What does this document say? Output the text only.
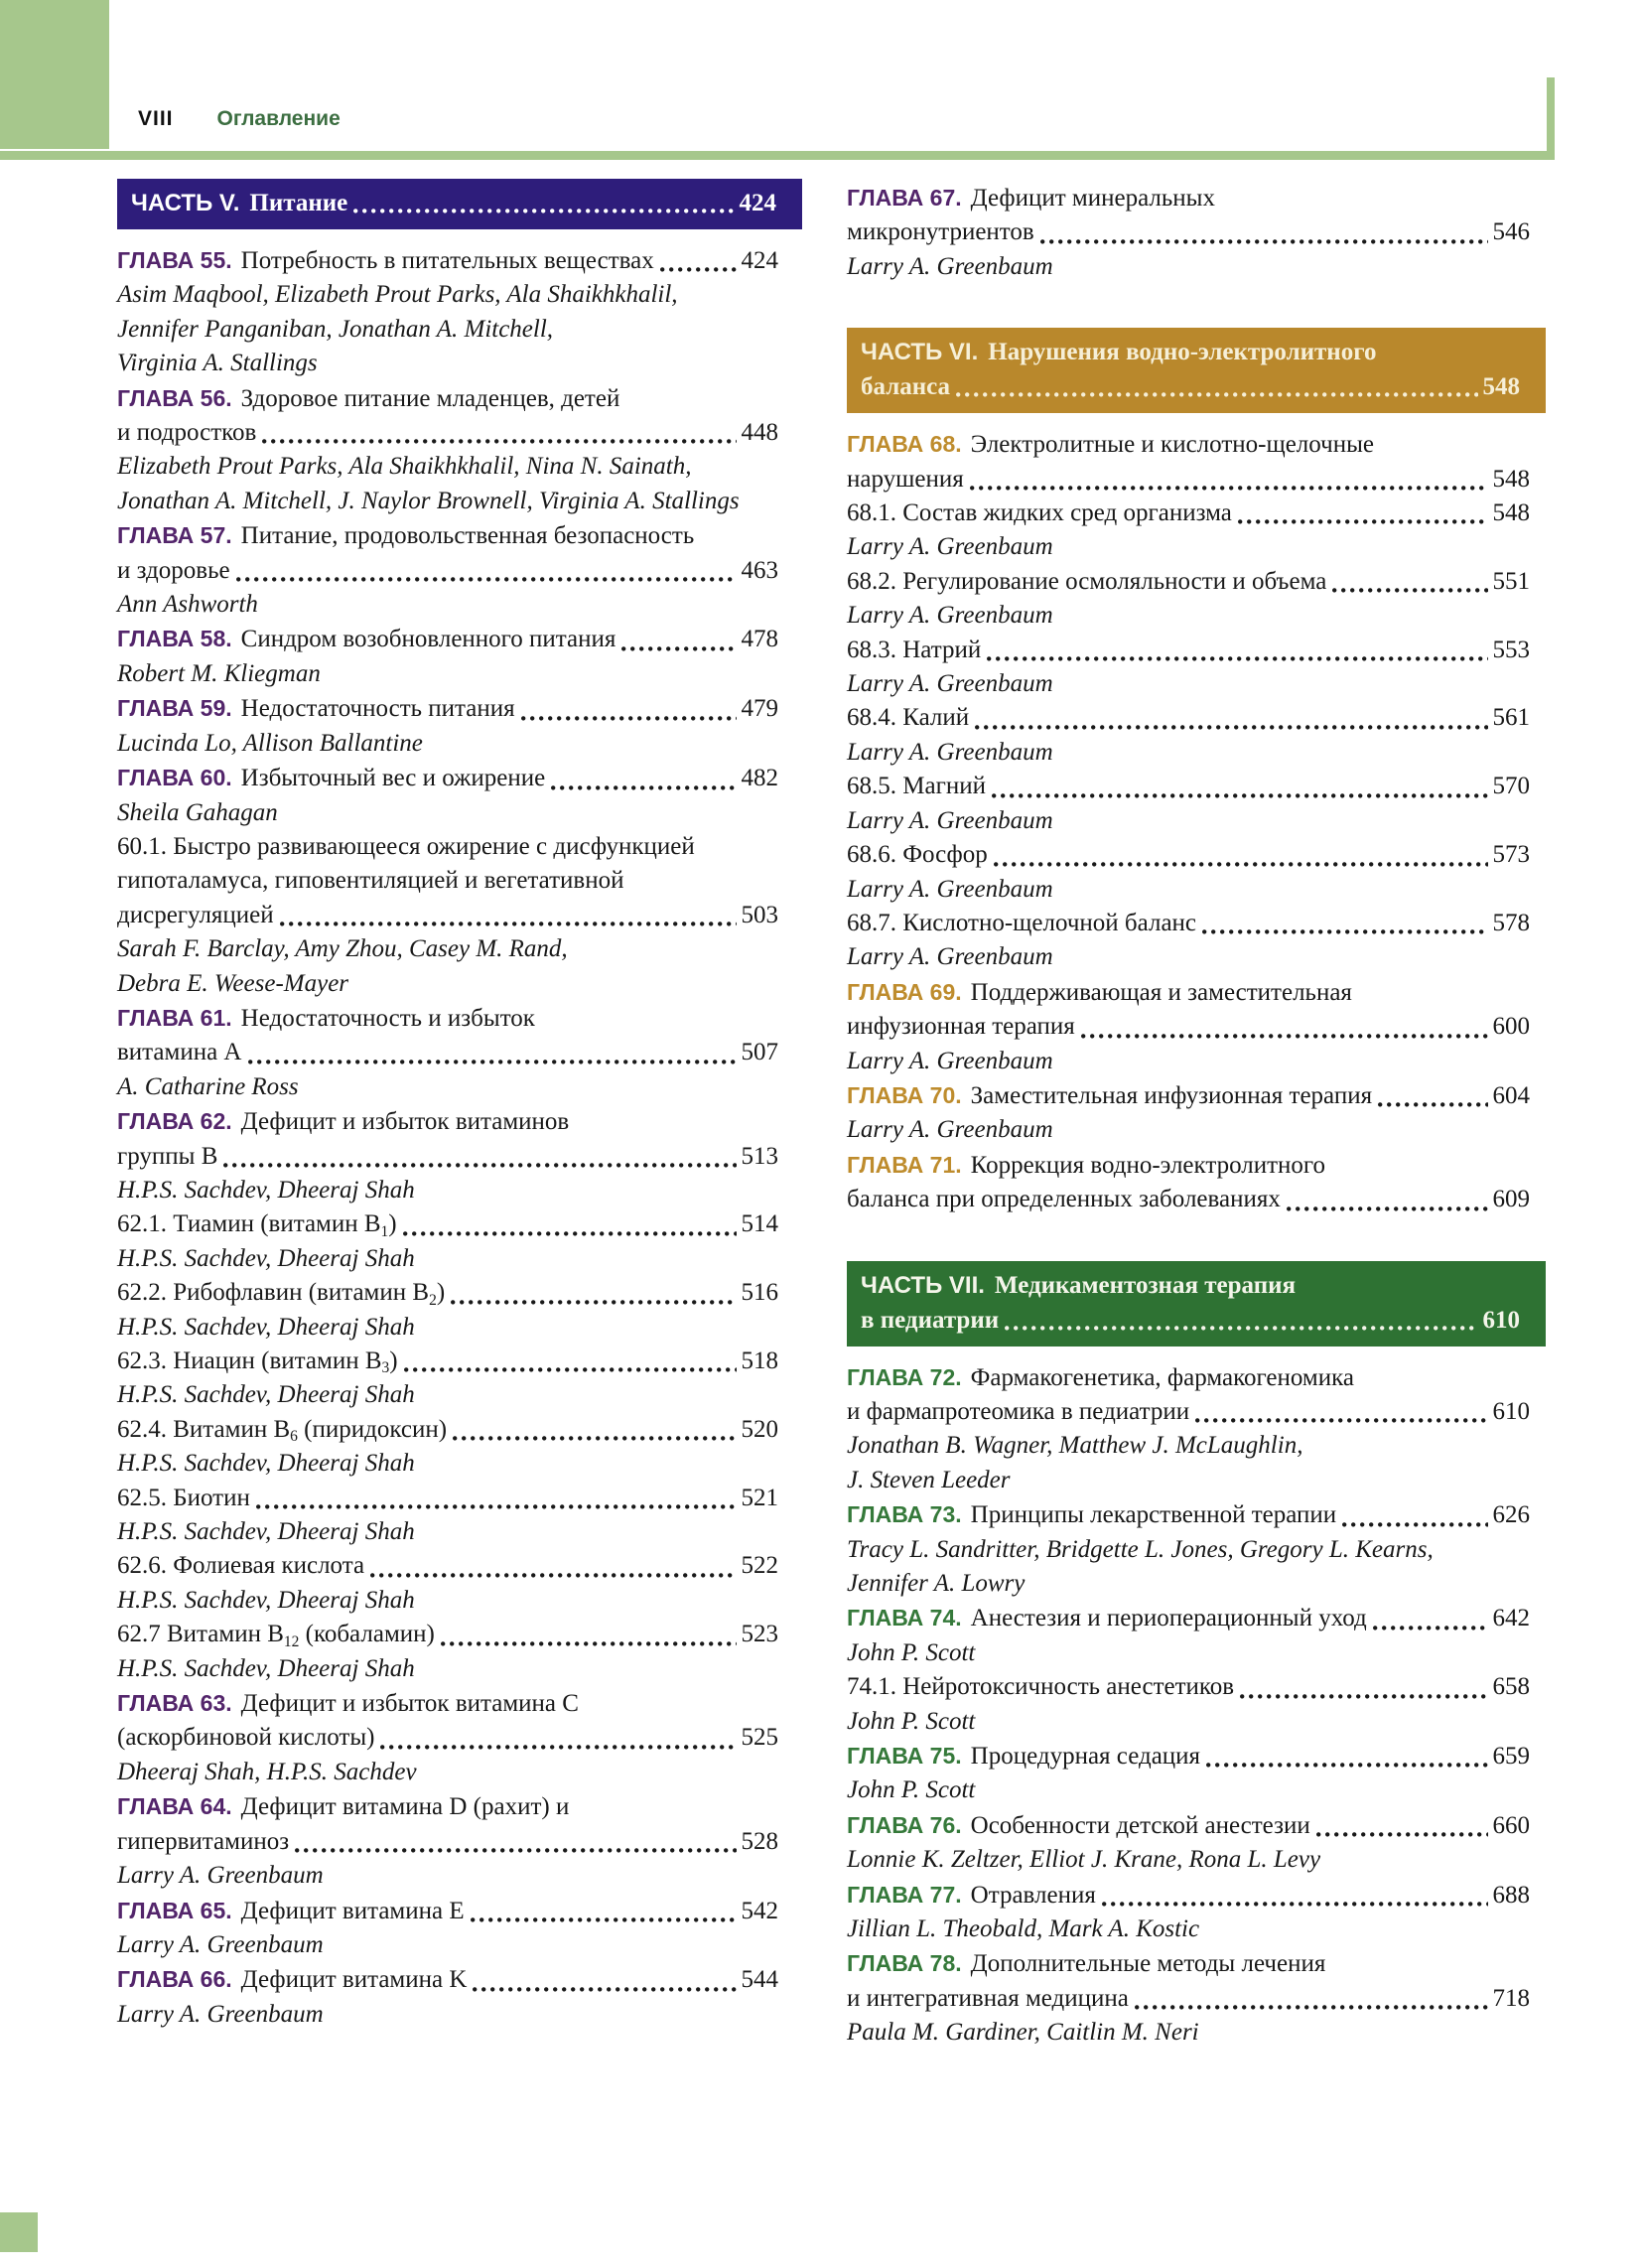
VIII Оглавление
ЧАСТЬ V. Питание	424
ГЛАВА 55. Потребность в питательных веществах	424
Asim Maqbool, Elizabeth Prout Parks, Ala Shaikhkhalil,
Jennifer Panganiban, Jonathan A. Mitchell,
Virginia A. Stallings
ГЛАВА 56. Здоровое питание младенцев, детей
и подростков	448
Elizabeth Prout Parks, Ala Shaikhkhalil, Nina N. Sainath,
Jonathan A. Mitchell, J. Naylor Brownell, Virginia A. Stallings
ГЛАВА 57. Питание, продовольственная безопасность
и здоровье	463
Ann Ashworth
ГЛАВА 58. Синдром возобновленного питания	478
Robert M. Kliegman
ГЛАВА 59. Недостаточность питания	479
Lucinda Lo, Allison Ballantine
ГЛАВА 60. Избыточный вес и ожирение	482
Sheila Gahagan
60.1. Быстро развивающееся ожирение с дисфункцией
гипоталамуса, гиповентиляцией и вегетативной
дисрегуляцией	503
Sarah F. Barclay, Amy Zhou, Casey M. Rand,
Debra E. Weese-Mayer
ГЛАВА 61. Недостаточность и избыток
витамина A	507
A. Catharine Ross
ГЛАВА 62. Дефицит и избыток витаминов
группы B	513
H.P.S. Sachdev, Dheeraj Shah
62.1. Тиамин (витамин $B_1$)	514
H.P.S. Sachdev, Dheeraj Shah
62.2. Рибофлавин (витамин $B_2$)	516
H.P.S. Sachdev, Dheeraj Shah
62.3. Ниацин (витамин $B_3$)	518
H.P.S. Sachdev, Dheeraj Shah
62.4. Витамин $B_6$ (пиридоксин)	520
H.P.S. Sachdev, Dheeraj Shah
62.5. Биотин	521
H.P.S. Sachdev, Dheeraj Shah
62.6. Фолиевая кислота	522
H.P.S. Sachdev, Dheeraj Shah
62.7 Витамин $B_{12}$ (кобаламин)	523
H.P.S. Sachdev, Dheeraj Shah
ГЛАВА 63. Дефицит и избыток витамина C
(аскорбиновой кислоты)	525
Dheeraj Shah, H.P.S. Sachdev
ГЛАВА 64. Дефицит витамина D (рахит) и
гипервитаминоз	528
Larry A. Greenbaum
ГЛАВА 65. Дефицит витамина E	542
Larry A. Greenbaum
ГЛАВА 66. Дефицит витамина K	544
Larry A. Greenbaum
ГЛАВА 67. Дефицит минеральных
микронутриентов	546
Larry A. Greenbaum
ЧАСТЬ VI. Нарушения водно-электролитного
баланса	548
ГЛАВА 68. Электролитные и кислотно-щелочные
нарушения	548
68.1. Состав жидких сред организма	548
Larry A. Greenbaum
68.2. Регулирование осмоляльности и объема	551
Larry A. Greenbaum
68.3. Натрий	553
Larry A. Greenbaum
68.4. Калий	561
Larry A. Greenbaum
68.5. Магний	570
Larry A. Greenbaum
68.6. Фосфор	573
Larry A. Greenbaum
68.7. Кислотно-щелочной баланс	578
Larry A. Greenbaum
ГЛАВА 69. Поддерживающая и заместительная
инфузионная терапия	600
Larry A. Greenbaum
ГЛАВА 70. Заместительная инфузионная терапия	604
Larry A. Greenbaum
ГЛАВА 71. Коррекция водно-электролитного
баланса при определенных заболеваниях	609
ЧАСТЬ VII. Медикаментозная терапия
в педиатрии	610
ГЛАВА 72. Фармакогенетика, фармакогеномика
и фармапротеомика в педиатрии	610
Jonathan B. Wagner, Matthew J. McLaughlin,
J. Steven Leeder
ГЛАВА 73. Принципы лекарственной терапии	626
Tracy L. Sandritter, Bridgette L. Jones, Gregory L. Kearns,
Jennifer A. Lowry
ГЛАВА 74. Анестезия и периоперационный уход	642
John P. Scott
74.1. Нейротоксичность анестетиков	658
John P. Scott
ГЛАВА 75. Процедурная седация	659
John P. Scott
ГЛАВА 76. Особенности детской анестезии	660
Lonnie K. Zeltzer, Elliot J. Krane, Rona L. Levy
ГЛАВА 77. Отравления	688
Jillian L. Theobald, Mark A. Kostic
ГЛАВА 78. Дополнительные методы лечения
и интегративная медицина	718
Paula M. Gardiner, Caitlin M. Neri
